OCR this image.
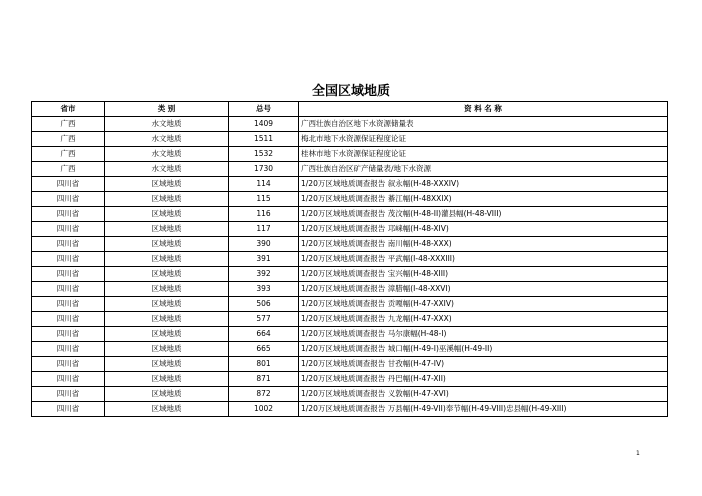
全国区域地质
省市	类 别	总号	资 料 名 称
广西	水文地质	1409	广西壮族自治区地下水资源储量表
广西	水文地质	1511	梅北市地下水资源保证程度论证
广西	水文地质	1532	桂林市地下水资源保证程度论证
广西	水文地质	1730	广西壮族自治区矿产储量表/地下水资源
四川省	区域地质	114	1/20万区域地质调查报告 叙永幅(H-48-XXXIV)
四川省	区域地质	115	1/20万区域地质调查报告 綦江幅(H-48XXIX)
四川省	区域地质	116	1/20万区域地质调查报告 茂汶幅(H-48-II)灌县幅(H-48-VIII)
四川省	区域地质	117	1/20万区域地质调查报告 邛崃幅(H-48-XIV)
四川省	区域地质	390	1/20万区域地质调查报告 南川幅(H-48-XXX)
四川省	区域地质	391	1/20万区域地质调查报告 平武幅(I-48-XXXIII)
四川省	区域地质	392	1/20万区域地质调查报告 宝兴幅(H-48-XIII)
四川省	区域地质	393	1/20万区域地质调查报告 漳腊幅(I-48-XXVI)
四川省	区域地质	506	1/20万区域地质调查报告 贡嘎幅(H-47-XXIV)
四川省	区域地质	577	1/20万区域地质调查报告 九龙幅(H-47-XXX)
四川省	区域地质	664	1/20万区域地质调查报告 马尔康幅(H-48-I)
四川省	区域地质	665	1/20万区域地质调查报告 城口幅(H-49-I)巫溪幅(H-49-II)
四川省	区域地质	801	1/20万区域地质调查报告 甘孜幅(H-47-IV)
四川省	区域地质	871	1/20万区域地质调查报告 丹巴幅(H-47-XII)
四川省	区域地质	872	1/20万区域地质调查报告 义敦幅(H-47-XVI)
四川省	区域地质	1002	1/20万区域地质调查报告 万县幅(H-49-VII)奉节幅(H-49-VIII)忠县幅(H-49-XIII)
1
